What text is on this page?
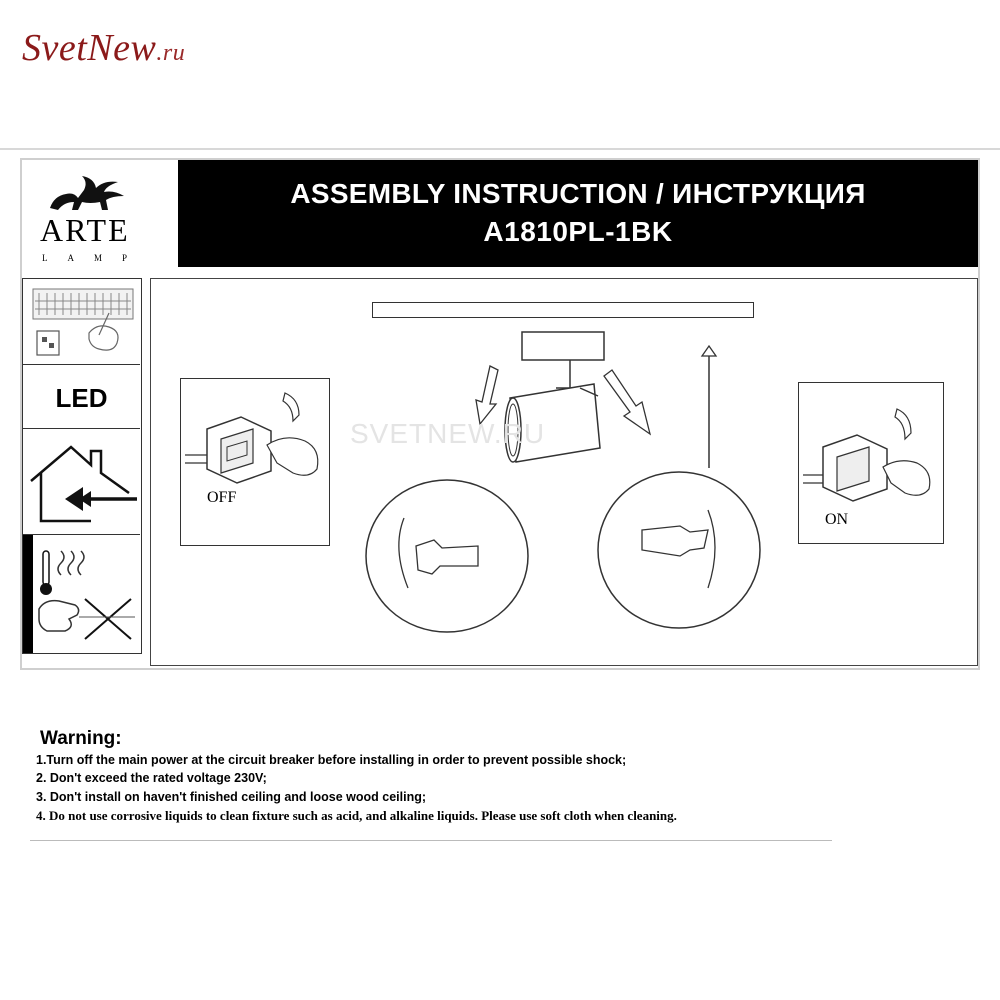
SvetNew.ru
ARTE
LAMP
ASSEMBLY INSTRUCTION / ИНСТРУКЦИЯ
A1810PL-1BK
LED
OFF
ON
SVETNEW.RU
Warning:
1.Turn off the main power at the circuit breaker before installing in order to prevent possible shock;
2. Don't exceed the rated voltage 230V;
3. Don't install on haven't finished ceiling and loose wood ceiling;
4. Do not use corrosive liquids to clean fixture such as acid, and alkaline liquids. Please use soft cloth when cleaning.
